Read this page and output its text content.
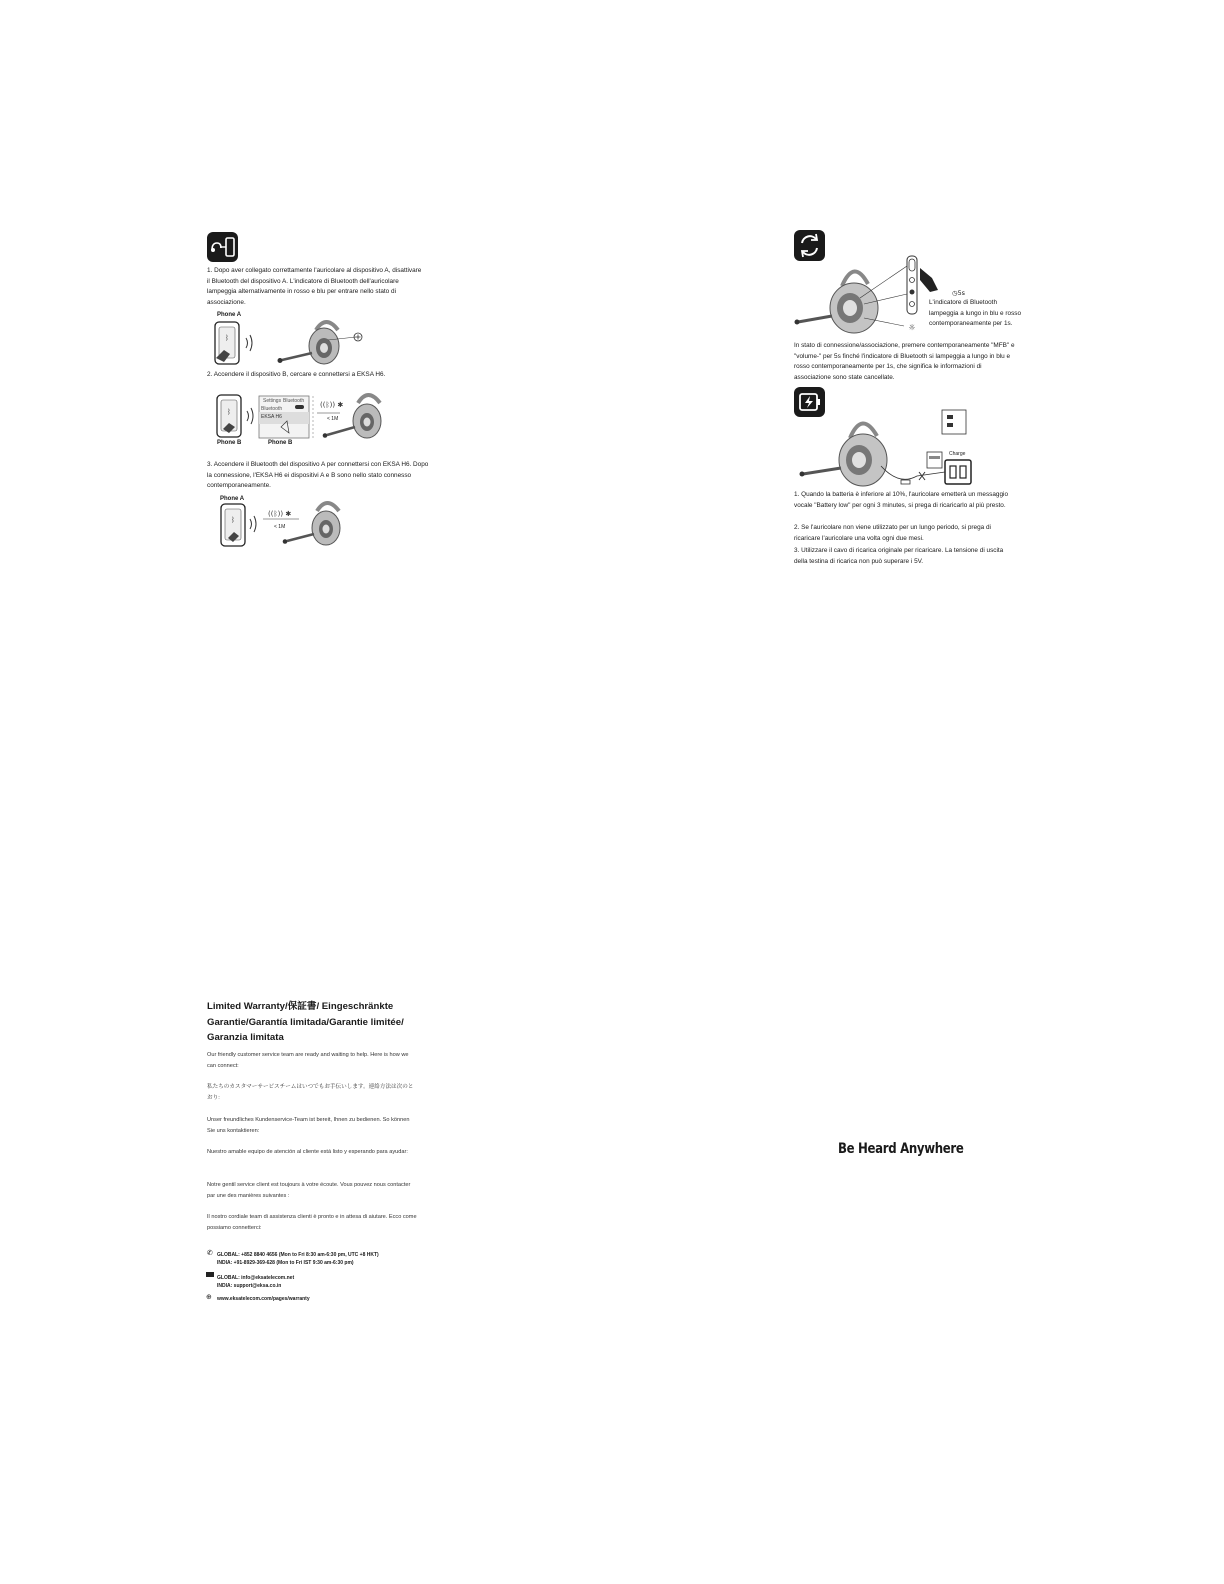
1. Dopo aver collegato correttamente l'auricolare al dispositivo A, disattivare il Bluetooth del dispositivo A. L'indicatore di Bluetooth dell'auricolare lampeggia alternativamente in rosso e blu per entrare nello stato di associazione.

Phone A
ᛒ

2. Accendere il dispositivo B, cercare e connettersi a EKSA H6.

ᛒ
Settings Bluetooth
Bluetooth
EKSA H6
((ᛒ)) ✱
< 1M
Phone B	Phone B

3. Accendere il Bluetooth del dispositivo A per connettersi con EKSA H6. Dopo la connessione, l'EKSA H6 ei dispositivi A e B sono nello stato connesso contemporaneamente.

Phone A
ᛒ
((ᛒ)) ✱
< 1M
☼
◷5s

L'indicatore di Bluetooth lampeggia a lungo in blu e rosso contemporaneamente per 1s.

In stato di connessione/associazione, premere contemporaneamente "MFB" e "volume-" per 5s finché l'indicatore di Bluetooth si lampeggia a lungo in blu e rosso contemporaneamente per 1s, che significa le informazioni di associazione sono state cancellate.

Charge

1. Quando la batteria è inferiore al 10%, l'auricolare emetterà un messaggio vocale "Battery low" per ogni 3 minutes, si prega di ricaricarlo al più presto.

2. Se l'auricolare non viene utilizzato per un lungo periodo, si prega di ricaricare l'auricolare una volta ogni due mesi.

3. Utilizzare il cavo di ricarica originale per ricaricare. La tensione di uscita della testina di ricarica non può superare i 5V.

Limited Warranty/保証書/ Eingeschränkte Garantie/Garantía limitada/Garantie limitée/ Garanzia limitata

Our friendly customer service team are ready and waiting to help. Here is how we can connect:

私たちのカスタマーサービスチームはいつでもお手伝いします。連絡方法は次のとおり:

Unser freundliches Kundenservice-Team ist bereit, Ihnen zu bedienen. So können Sie uns kontaktieren:

Nuestro amable equipo de atención al cliente está listo y esperando para ayudar:

Notre gentil service client est toujours à votre écoute. Vous pouvez nous contacter par une des manières suivantes :

Il nostro cordiale team di assistenza clienti è pronto e in attesa di aiutare. Ecco come possiamo connetterci:

✆ GLOBAL: +852 8840 4656 (Mon to Fri 8:30 am-6:30 pm, UTC +8 HKT)

INDIA: +91-8929-369-628 (Mon to Fri IST 9:30 am-6:30 pm)

GLOBAL: info@eksatelecom.net

INDIA: support@eksa.co.in

⊕ www.eksatelecom.com/pages/warranty

Be Heard Anywhere
